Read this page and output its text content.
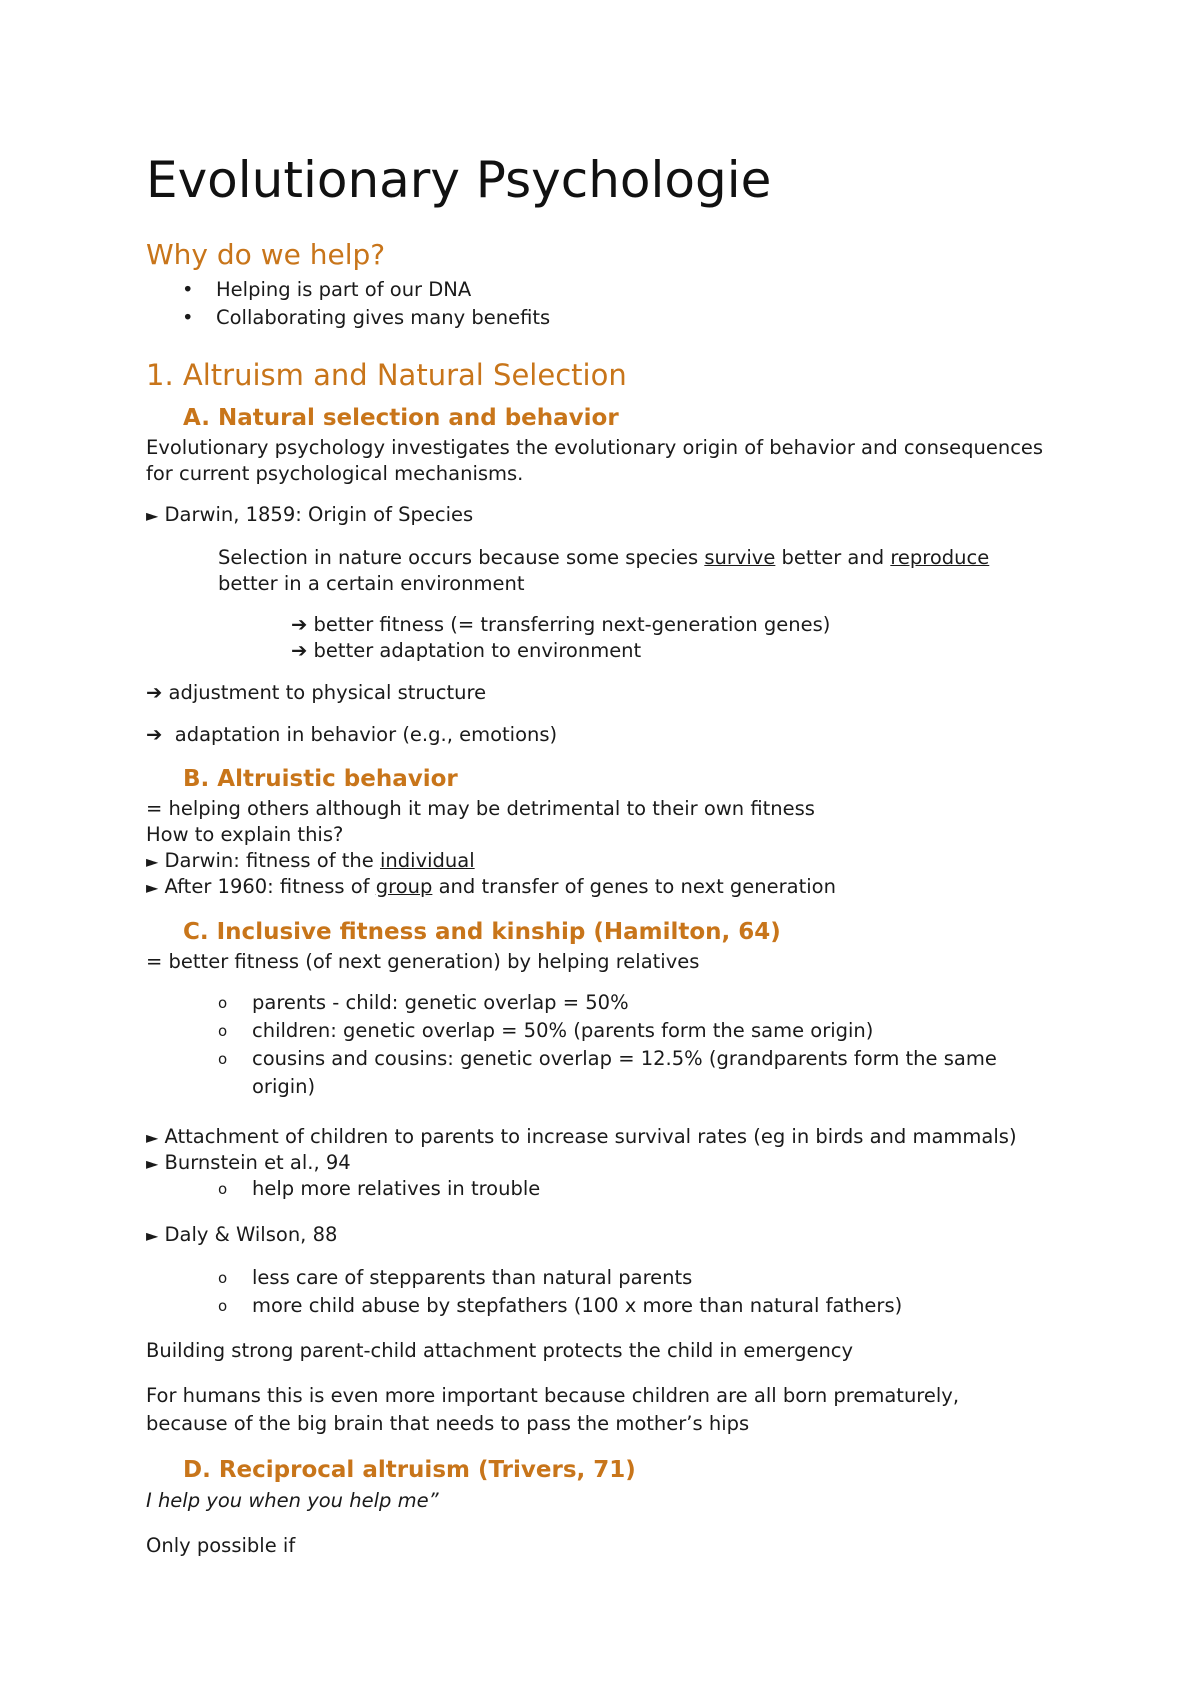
Evolutionary Psychologie
Why do we help?
• Helping is part of our DNA
• Collaborating gives many benefits
1. Altruism and Natural Selection
A. Natural selection and behavior
Evolutionary psychology investigates the evolutionary origin of behavior and consequences
for current psychological mechanisms.
► Darwin, 1859: Origin of Species
Selection in nature occurs because some species survive better and reproduce
better in a certain environment
➔ better fitness (= transferring next-generation genes)
➔ better adaptation to environment
➔ adjustment to physical structure
➔ adaptation in behavior (e.g., emotions)
B. Altruistic behavior
= helping others although it may be detrimental to their own fitness
How to explain this?
► Darwin: fitness of the individual
► After 1960: fitness of group and transfer of genes to next generation
C. Inclusive fitness and kinship (Hamilton, 64)
= better fitness (of next generation) by helping relatives
o parents - child: genetic overlap = 50%
o children: genetic overlap = 50% (parents form the same origin)
o cousins and cousins: genetic overlap = 12.5% (grandparents form the same
origin)
► Attachment of children to parents to increase survival rates (eg in birds and mammals)
► Burnstein et al., 94
o help more relatives in trouble
► Daly & Wilson, 88
o less care of stepparents than natural parents
o more child abuse by stepfathers (100 x more than natural fathers)
Building strong parent-child attachment protects the child in emergency
For humans this is even more important because children are all born prematurely,
because of the big brain that needs to pass the mother’s hips
D. Reciprocal altruism (Trivers, 71)
I help you when you help me”
Only possible if
